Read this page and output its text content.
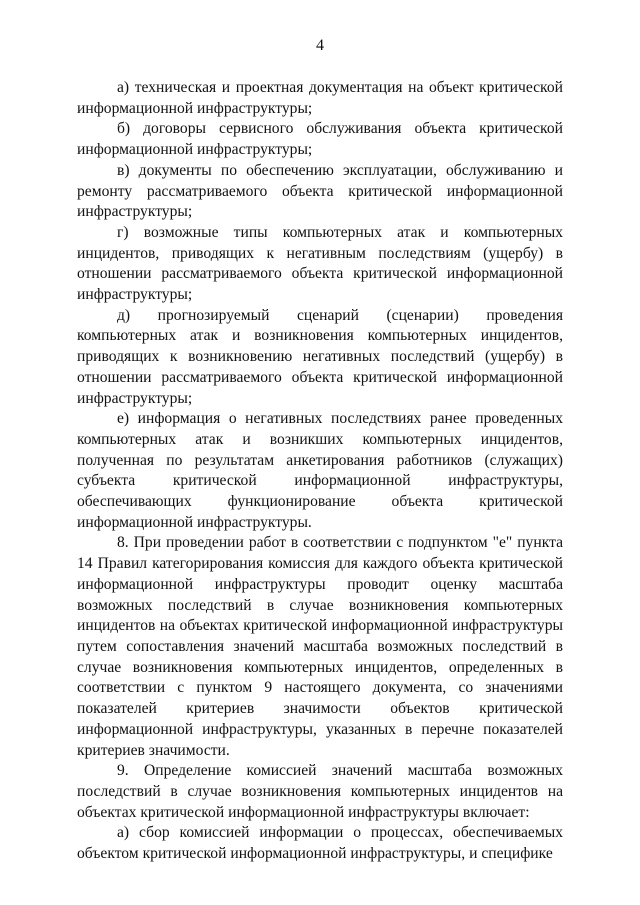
4

а) техническая и проектная документация на объект критической информационной инфраструктуры;

б) договоры сервисного обслуживания объекта критической информационной инфраструктуры;

в) документы по обеспечению эксплуатации, обслуживанию и ремонту рассматриваемого объекта критической информационной инфраструктуры;

г) возможные типы компьютерных атак и компьютерных инцидентов, приводящих к негативным последствиям (ущербу) в отношении рассматриваемого объекта критической информационной инфраструктуры;

д) прогнозируемый сценарий (сценарии) проведения компьютерных атак и возникновения компьютерных инцидентов, приводящих к возникновению негативных последствий (ущербу) в отношении рассматриваемого объекта критической информационной инфраструктуры;

е) информация о негативных последствиях ранее проведенных компьютерных атак и возникших компьютерных инцидентов, полученная по результатам анкетирования работников (служащих) субъекта критической информационной инфраструктуры, обеспечивающих функционирование объекта критической информационной инфраструктуры.

8. При проведении работ в соответствии с подпунктом "е" пункта 14 Правил категорирования комиссия для каждого объекта критической информационной инфраструктуры проводит оценку масштаба возможных последствий в случае возникновения компьютерных инцидентов на объектах критической информационной инфраструктуры путем сопоставления значений масштаба возможных последствий в случае возникновения компьютерных инцидентов, определенных в соответствии с пунктом 9 настоящего документа, со значениями показателей критериев значимости объектов критической информационной инфраструктуры, указанных в перечне показателей критериев значимости.

9. Определение комиссией значений масштаба возможных последствий в случае возникновения компьютерных инцидентов на объектах критической информационной инфраструктуры включает:

а) сбор комиссией информации о процессах, обеспечиваемых объектом критической информационной инфраструктуры, и специфике
